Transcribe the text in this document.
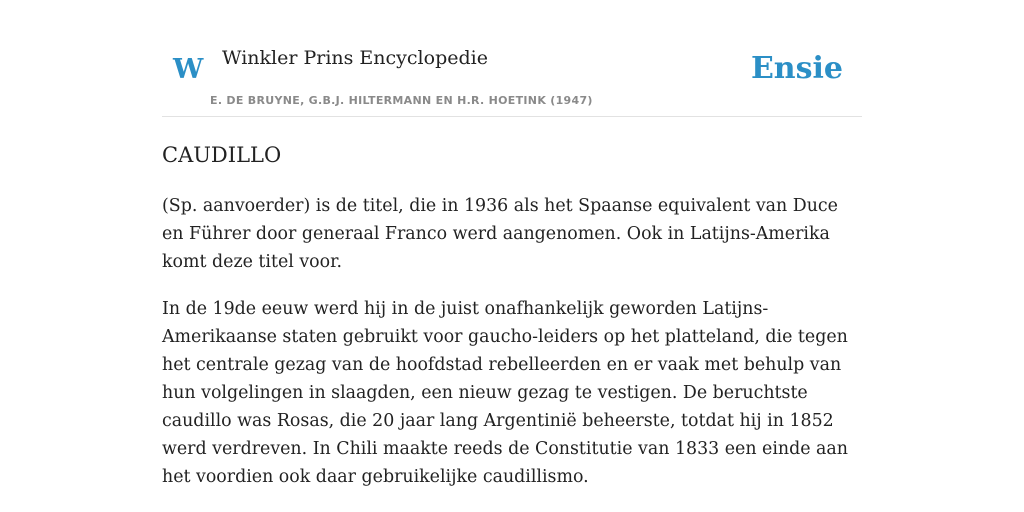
W Winkler Prins Encyclopedie
E. DE BRUYNE, G.B.J. HILTERMANN EN H.R. HOETINK (1947)
Ensie
CAUDILLO

(Sp. aanvoerder) is de titel, die in 1936 als het Spaanse equivalent van Duce en Führer door generaal Franco werd aangenomen. Ook in Latijns-Amerika komt deze titel voor.

In de 19de eeuw werd hij in de juist onafhankelijk geworden Latijns-Amerikaanse staten gebruikt voor gaucho-leiders op het platteland, die tegen het centrale gezag van de hoofdstad rebelleerden en er vaak met behulp van hun volgelingen in slaagden, een nieuw gezag te vestigen. De beruchtste caudillo was Rosas, die 20 jaar lang Argentinië beheerste, totdat hij in 1852 werd verdreven. In Chili maakte reeds de Constitutie van 1833 een einde aan het voordien ook daar gebruikelijke caudillismo.
